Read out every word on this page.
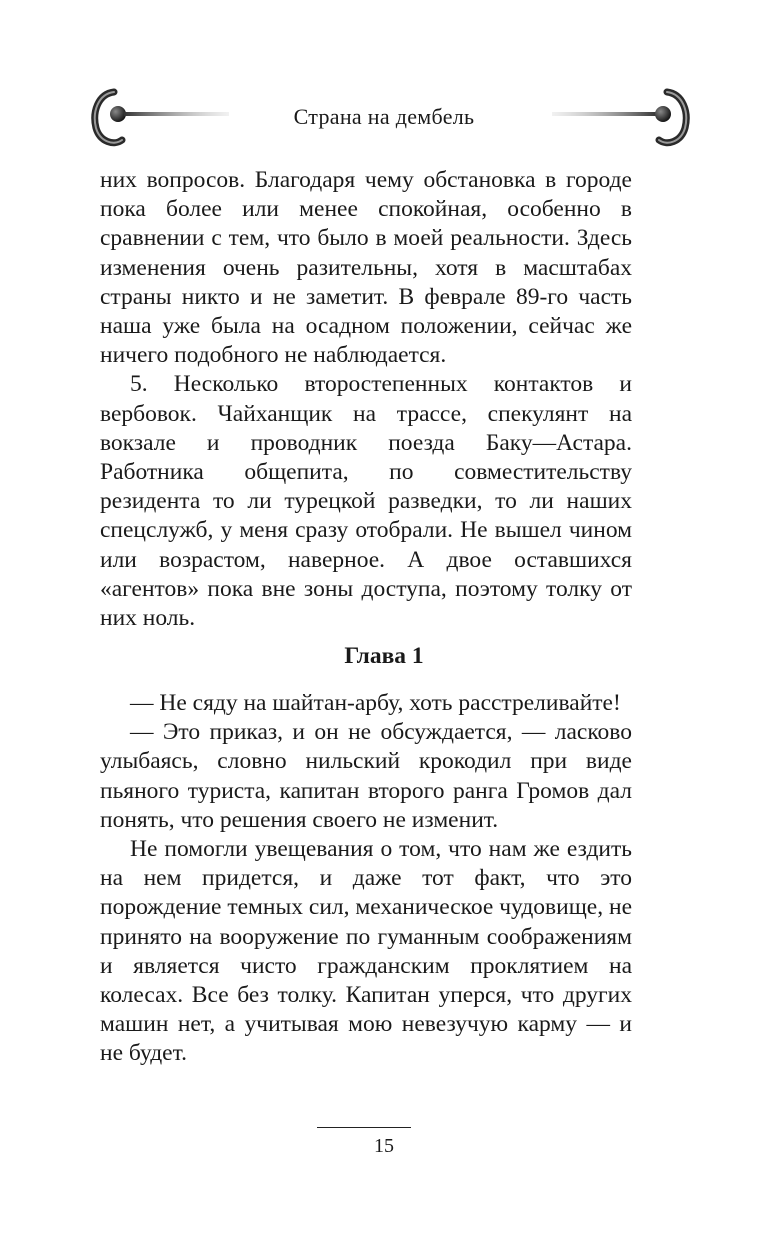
Страна на дембель

них вопросов. Благодаря чему обстановка в городе пока более или менее спокойная, особенно в сравнении с тем, что было в моей реальности. Здесь изменения очень разительны, хотя в масштабах страны никто и не заметит. В феврале 89-го часть наша уже была на осадном положении, сейчас же ничего подобного не наблюдается.

5. Несколько второстепенных контактов и вербовок. Чайханщик на трассе, спекулянт на вокзале и проводник поезда Баку—Астара. Работника общепита, по совместительству резидента то ли турецкой разведки, то ли наших спецслужб, у меня сразу отобрали. Не вышел чином или возрастом, наверное. А двое оставшихся «агентов» пока вне зоны доступа, поэтому толку от них ноль.

Глава 1

— Не сяду на шайтан-арбу, хоть расстреливайте!

— Это приказ, и он не обсуждается, — ласково улыбаясь, словно нильский крокодил при виде пьяного туриста, капитан второго ранга Громов дал понять, что решения своего не изменит.

Не помогли увещевания о том, что нам же ездить на нем придется, и даже тот факт, что это порождение темных сил, механическое чудовище, не принято на вооружение по гуманным соображениям и является чисто гражданским проклятием на колесах. Все без толку. Капитан уперся, что других машин нет, а учитывая мою невезучую карму — и не будет.

15
